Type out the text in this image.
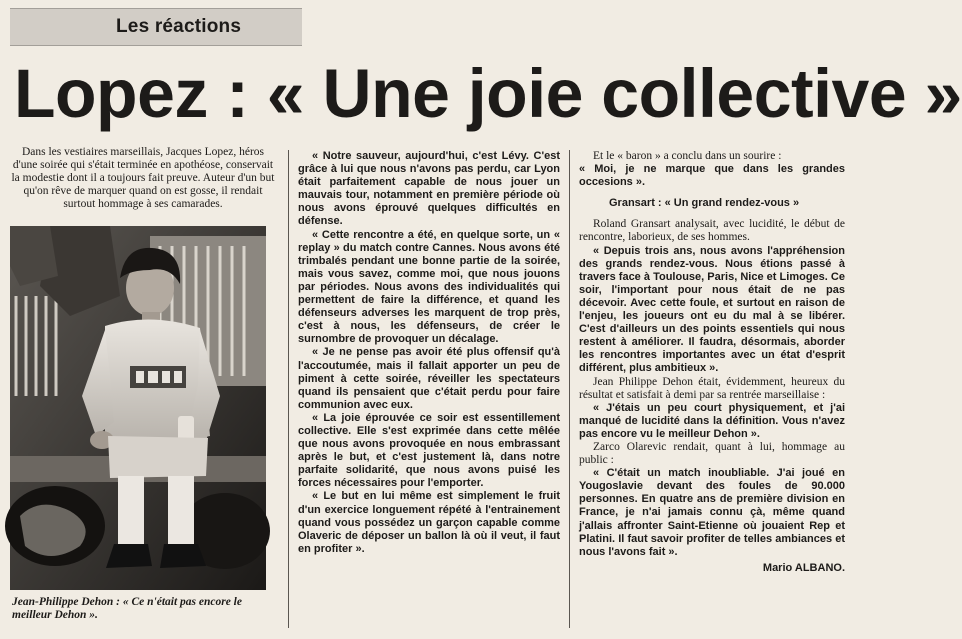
Les réactions
Lopez : « Une joie collective »

Dans les vestiaires marseillais, Jacques Lopez, héros d'une soirée qui s'était terminée en apothéose, conservait la modestie dont il a toujours fait preuve. Auteur d'un but qu'on rêve de marquer quand on est gosse, il rendait surtout hommage à ses camarades.

Jean-Philippe Dehon : « Ce n'était pas encore le meilleur Dehon ».

« Notre sauveur, aujourd'hui, c'est Lévy. C'est grâce à lui que nous n'avons pas perdu, car Lyon était parfaitement capable de nous jouer un mauvais tour, notamment en première période où nous avons éprouvé quelques difficultés en défense.

« Cette rencontre a été, en quelque sorte, un « replay » du match contre Cannes. Nous avons été trimbalés pendant une bonne partie de la soirée, mais vous savez, comme moi, que nous jouons par périodes. Nous avons des individualités qui permettent de faire la différence, et quand les défenseurs adverses les marquent de trop près, c'est à nous, les défenseurs, de créer le surnombre de provoquer un décalage.

« Je ne pense pas avoir été plus offensif qu'à l'accoutumée, mais il fallait apporter un peu de piment à cette soirée, réveiller les spectateurs quand ils pensaient que c'était perdu pour faire communion avec eux.

« La joie éprouvée ce soir est essentillement collective. Elle s'est exprimée dans cette mêlée que nous avons provoquée en nous embrassant après le but, et c'est justement là, dans notre parfaite solidarité, que nous avons puisé les forces nécessaires pour l'emporter.

« Le but en lui même est simplement le fruit d'un exercice longuement répété à l'entrainement quand vous possédez un garçon capable comme Olaveric de déposer un ballon là où il veut, il faut en profiter ».

Et le « baron » a conclu dans un sourire :

« Moi, je ne marque que dans les grandes occesions ».

Gransart : « Un grand rendez-vous »

Roland Gransart analysait, avec lucidité, le début de rencontre, laborieux, de ses hommes.

« Depuis trois ans, nous avons l'appréhension des grands rendez-vous. Nous étions passé à travers face à Toulouse, Paris, Nice et Limoges. Ce soir, l'important pour nous était de ne pas décevoir. Avec cette foule, et surtout en raison de l'enjeu, les joueurs ont eu du mal à se libérer. C'est d'ailleurs un des points essentiels qui nous restent à améliorer. Il faudra, désormais, aborder les rencontres importantes avec un état d'esprit différent, plus ambitieux ».

Jean Philippe Dehon était, évidemment, heureux du résultat et satisfait à demi par sa rentrée marseillaise :

« J'étais un peu court physiquement, et j'ai manqué de lucidité dans la définition. Vous n'avez pas encore vu le meilleur Dehon ».

Zarco Olarevic rendait, quant à lui, hommage au public :

« C'était un match inoubliable. J'ai joué en Yougoslavie devant des foules de 90.000 personnes. En quatre ans de première division en France, je n'ai jamais connu çà, même quand j'allais affronter Saint-Etienne où jouaient Rep et Platini. Il faut savoir profiter de telles ambiances et nous l'avons fait ».

Mario ALBANO.
